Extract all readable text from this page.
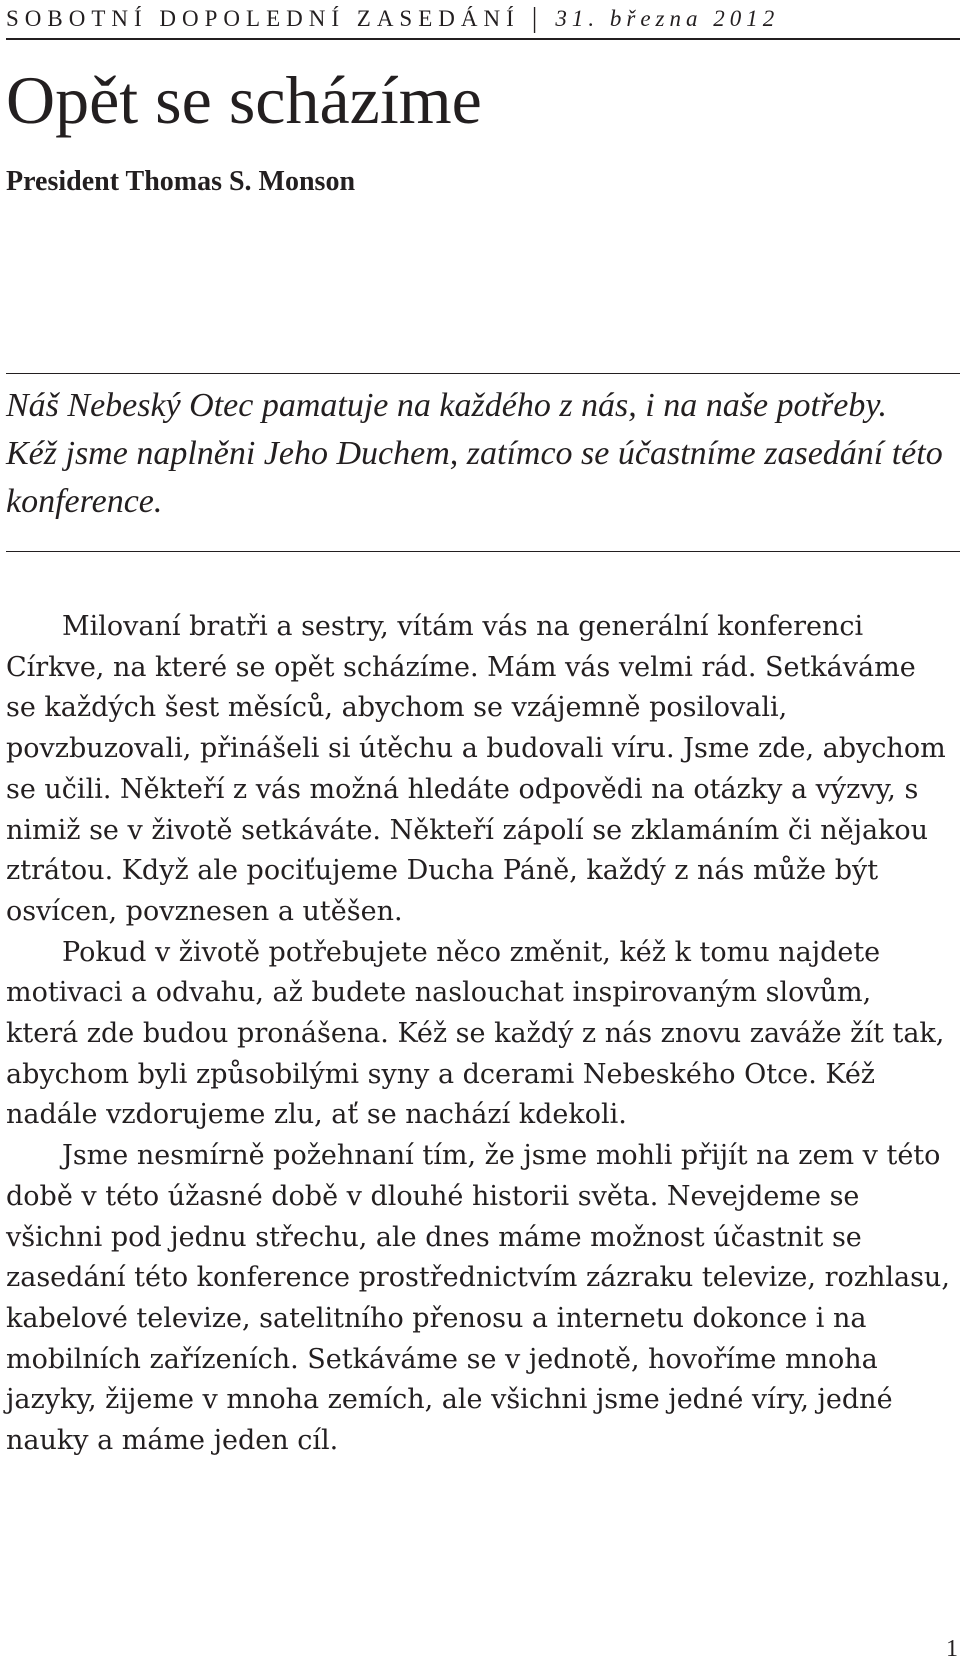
SOBOTNÍ DOPOLEDNÍ ZASEDÁNÍ | 31. března 2012
Opět se scházíme
President Thomas S. Monson

Náš Nebeský Otec pamatuje na každého z nás, i na naše potřeby. Kéž jsme naplněni Jeho Duchem, zatímco se účastníme zasedání této konference.

Milovaní bratři a sestry, vítám vás na generální konferenci Církve, na které se opět scházíme. Mám vás velmi rád. Setkáváme se každých šest měsíců, abychom se vzájemně posilovali, povzbuzovali, přinášeli si útěchu a budovali víru. Jsme zde, abychom se učili. Někteří z vás možná hledáte odpovědi na otázky a výzvy, s nimiž se v životě setkáváte. Někteří zápolí se zklamáním či nějakou ztrátou. Když ale pociťujeme Ducha Páně, každý z nás může být osvícen, povznesen a utěšen.

Pokud v životě potřebujete něco změnit, kéž k tomu najdete motivaci a odvahu, až budete naslouchat inspirovaným slovům, která zde budou pronášena. Kéž se každý z nás znovu zaváže žít tak, abychom byli způsobilými syny a dcerami Nebeského Otce. Kéž nadále vzdorujeme zlu, ať se nachází kdekoli.

Jsme nesmírně požehnaní tím, že jsme mohli přijít na zem v této době v této úžasné době v dlouhé historii světa. Nevejdeme se všichni pod jednu střechu, ale dnes máme možnost účastnit se zasedání této konference prostřednictvím zázraku televize, rozhlasu, kabelové televize, satelitního přenosu a internetu dokonce i na mobilních zařízeních. Setkáváme se v jednotě, hovoříme mnoha jazyky, žijeme v mnoha zemích, ale všichni jsme jedné víry, jedné nauky a máme jeden cíl.

1
